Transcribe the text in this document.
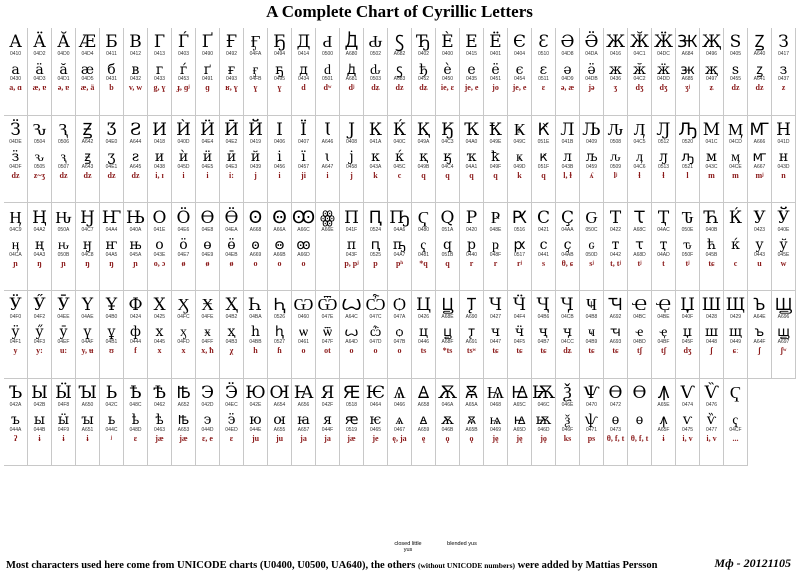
A Complete Chart of Cyrillic Letters
А
0410
а
0430
a, ɑ
Ӓ
04D2
ӓ
04D3
æ, ɐ
Ӑ
04D0
ӑ
04D1
ə, ɐ
Ӕ
04D4
ӕ
04D5
æ, ä
Б
0411
б
0431
b
В
0412
в
0432
v, w
Г
0413
г
0433
g, ɣ
Ѓ
0403
ѓ
0453
ɟ, ɡʲ
Ґ
0490
ґ
0491
ɡ
Ғ
0492
ғ
0493
ʁ, ɣ
Ӻ
04FA
ӻ
04FB
ɣ
Ҕ
0494
ҕ
0495
ɣ
Д
0414
д
0434
d
Ԁ
0500
ԁ
0501
dʷ
Ꚁ
A680
ꚁ
A681
dʲ
Ԃ
0502
ԃ
0503
dʑ
Ꚃ
A682
ꚃ
A683
dz
Ђ
0402
ђ
0452
dʑ
Ѐ
0400
ѐ
0450
ie, ɛ
Е
0415
е
0435
je, e
Ё
0401
ё
0451
jo
Є
0404
є
0454
je, e
Ԑ
0510
ԑ
0511
ɛ
Ә
04D8
ә
04D9
ə, æ
Ӛ
04DA
ӛ
04DB
jə
Ж
0416
ж
0436
ʒ
Ӂ
04C1
ӂ
04C2
dʒ
Ӝ
04DC
ӝ
04DD
dʒ
Ꚅ
A684
ꚅ
A685
ʒʲ
Җ
0496
җ
0497
ʑ
Ѕ
0405
ѕ
0455
dz
Ꙁ
A640
ꙁ
A641
dz
З
0417
з
0437
z
Ӟ
04DE
ӟ
04DF
dz
Ԅ
0504
ԅ
0505
z~ʒ
Ԇ
0506
ԇ
0507
dz
Ꙃ
A642
ꙃ
A643
dz
Ӡ
04E0
ӡ
04E1
dz
Ꙅ
A644
ꙅ
A645
dz
И
0418
и
0438
i, ɪ
Ѝ
040D
ѝ
045D
i
Ӥ
04E4
ӥ
04E5
i
Ӣ
04E2
ӣ
04E3
i:
Й
0419
й
0439
j
І
0406
і
0456
i
Ї
0407
ї
0457
ji
Ꙇ
A646
ꙇ
A647
i
Ј
0408
ј
0458
j
К
041A
к
043A
k
Ќ
040C
ќ
045C
c
Қ
049A
қ
049B
q
Ӄ
04C3
ӄ
04C4
q
Ҡ
04A0
ҡ
04A1
q
Ҟ
049E
ҟ
049F
q
Ҝ
049C
ҝ
049D
k
Ԟ
051E
ԟ
051F
q
Л
041B
л
043B
l, ɫ
Љ
0409
љ
0459
ʎ
Ԉ
0508
ԉ
0509
lʲ
Ӆ
04C5
ӆ
04C6
ɬ
Ԓ
0512
ԓ
0513
ɬ
Ԡ
0520
ԡ
0521
l
М
041C
м
043C
m
Ӎ
04CD
ӎ
04CE
m
Ꙧ
A666
ꙧ
A667
mʲ
Н
041D
н
043D
n
Ӊ
04C9
ӊ
04CA
ɲ
Ң
04A2
ң
04A3
ŋ
Ԋ
050A
ԋ
050B
ɲ
Ӈ
04C7
ӈ
04C8
ŋ
Ҥ
04A4
ҥ
04A5
ŋ
Њ
040A
њ
045A
ɲ
О
041E
о
043E
o, ɔ
Ӧ
04E6
ӧ
04E7
ø
Ө
04E8
ө
04E9
ø
Ӫ
04EA
ӫ
04EB
ø
Ꙩ
A668
ꙩ
A669
o
Ꙫ
A66A
ꙫ
A66B
o
Ꙭ
A66C
ꙭ
A66D
o
ꙮ
A66E
П
041F
п
043F
p, pʲ
Ԥ
0524
ԥ
0525
p
Ҧ
04A6
ҧ
04A7
pʰ
Ҁ
0480
ҁ
0481
*q
Ԛ
051A
ԛ
051B
q
Р
0420
р
0440
r
Ҏ
048E
ҏ
048F
r
Ԗ
0516
ԗ
0517
rʲ
С
0421
с
0441
s
Ҫ
04AA
ҫ
04AB
θ, ɕ
Ԍ
050C
ԍ
050D
sʲ
Т
0422
т
0442
t, tʲ
Ꚍ
A68C
ꚍ
A68D
tʲ
Ҭ
04AC
ҭ
04AD
t
Ԏ
050E
ԏ
050F
tʲ
Ћ
040B
ћ
045B
tɕ
Ќ
ќ
c
У
0423
у
0443
u
Ў
040E
ў
045E
w
Ӱ
04F0
ӱ
04F1
y
Ӳ
04F2
ӳ
04F3
y:
Ӯ
04EE
ӯ
04EF
u:
Ү
04AE
ү
04AF
y, ʉ
Ұ
04B0
ұ
04B1
ʊ
Ф
0424
ф
0444
f
Х
0425
х
0445
x
Ӽ
04FC
ӽ
04FD
x
Ӿ
04FE
ӿ
04FF
x, ħ
Ҳ
04B2
ҳ
04B3
χ
Һ
04BA
һ
04BB
h
Ԧ
0526
ԧ
0527
ɦ
Ѡ
0460
ѡ
0461
o
Ѿ
047E
ѿ
047F
ot
Ꙍ
A64C
ꙍ
A64D
o
Ѽ
047C
ѽ
047D
o
Ѻ
047A
ѻ
047B
o
Ц
0426
ц
0446
ts
Ꚏ
A68E
ꚏ
A68F
*ts
Ꚑ
A690
ꚑ
A691
tsʷ
Ч
0427
ч
0447
tɕ
Ӵ
04F4
ӵ
04F5
tɕ
Ҷ
04B6
ҷ
04B7
tɕ
Ӌ
04CB
ӌ
04CC
dʑ
Ҹ
04B8
ҹ
04B9
tɕ
Ꚓ
A692
ꚓ
A693
tɕ
Ҽ
04BC
ҽ
04BD
tʃ
Ҿ
04BE
ҿ
04BF
tʃ
Џ
040F
џ
045F
dʒ
Ш
0428
ш
0448
ʃ
Щ
0429
щ
0449
ɕː
Ꙏ
A64E
ꙏ
A64F
ʃ
Ꚗ
A696
ꚗ
A697
ʃʷ
Ъ
042A
ъ
044A
ʔ
Ы
042B
ы
044B
ɨ
Ӹ
04F8
ӹ
04F9
ɨ
Ꙑ
A650
ꙑ
A651
ɨ
Ь
042C
ь
044C
ʲ
Ҍ
048C
ҍ
048D
ɛ
Ѣ
0462
ѣ
0463
jæ
Ꙓ
A652
ꙓ
A653
jæ
Э
042D
э
044D
ɛ, e
Ӭ
04EC
ӭ
04ED
ɛ
Ю
042E
ю
044E
ju
Ꙕ
A654
ꙕ
A655
ju
Ꙗ
A656
ꙗ
A657
ja
Я
042F
я
044F
ja
Ԙ
0518
ԙ
0519
jæ
Ѥ
0464
ѥ
0465
je
Ѧ
0466
ѧ
0467
ę, ja
Ꙙ
A658
ꙙ
A659
ę
Ѫ
046A
ѫ
046B
ǫ
Ꙛ
A65A
ꙛ
A65B
ǫ
Ѩ
0468
ѩ
0469
ję
Ꙝ
A65C
ꙝ
A65D
ję
Ѭ
046C
ѭ
046D
jǫ
Ѯ
046E
ѯ
046F
ks
Ѱ
0470
ѱ
0471
ps
Ѳ
0472
ѳ
0473
θ, f, t
Ѳ
ѳ
θ, f, t
Ꙟ
A65E
ꙟ
A65F
ɨ
Ѵ
0474
ѵ
0475
i, v
Ѷ
0476
ѷ
0477
i, v
Ҁ
ҁ
04CF
...
closed little yus
blended yus
Most characters used here come from UNICODE charts (U0400, U0500, UA640), the others (without UNICODE numbers) were added by Mattias Persson	Mф - 20121105
